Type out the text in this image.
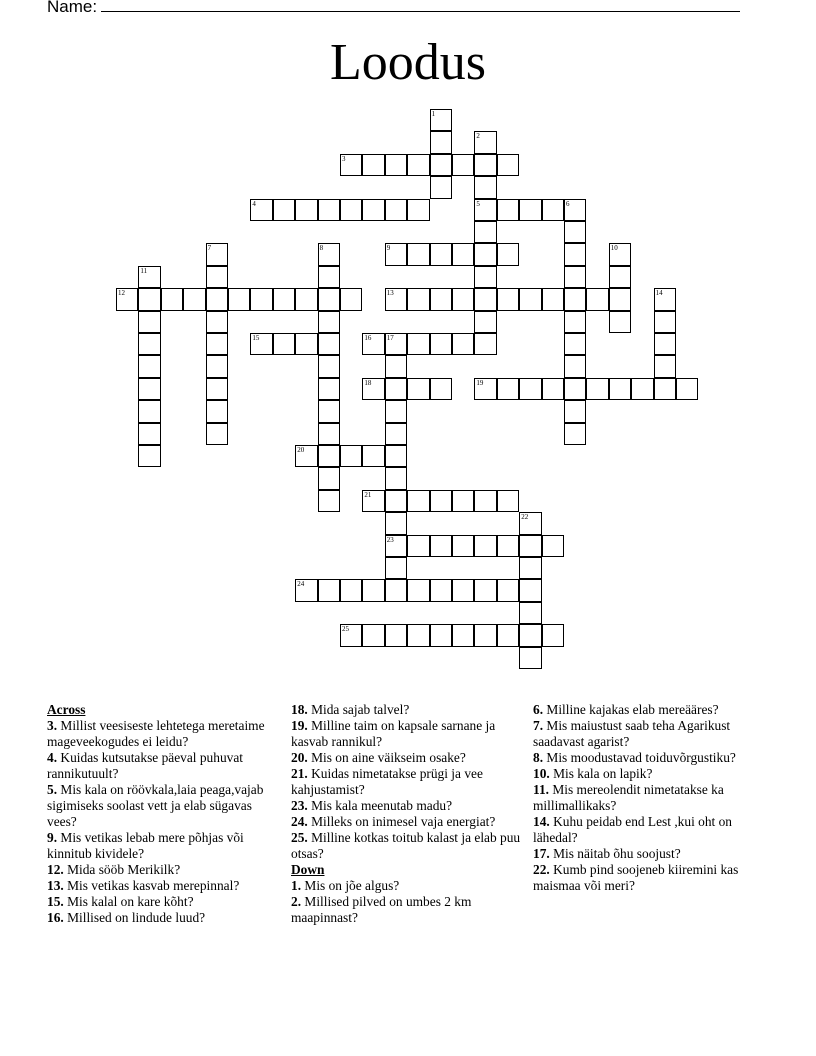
Name:
Loodus
1
2
5
3
4	6
7	8	9	10
11
12	13	14
15	16 17
23
18	19
20
21
22
24
25
Across
3. Millist veesiseste lehtetega meretaime mageveekogudes ei leidu?
4. Kuidas kutsutakse päeval puhuvat rannikutuult?
5. Mis kala on röövkala,laia peaga,vajab sigimiseks soolast vett ja elab sügavas vees?
9. Mis vetikas lebab mere põhjas või kinnitub kividele?
12. Mida sööb Merikilk?
13. Mis vetikas kasvab merepinnal?
15. Mis kalal on kare kõht?
16. Millised on lindude luud?
18. Mida sajab talvel?
19. Milline taim on kapsale sarnane ja kasvab rannikul?
20. Mis on aine väikseim osake?
21. Kuidas nimetatakse prügi ja vee kahjustamist?
23. Mis kala meenutab madu?
24. Milleks on inimesel vaja energiat?
25. Milline kotkas toitub kalast ja elab puu otsas?
Down
1. Mis on jõe algus?
2. Millised pilved on umbes 2 km maapinnast?
6. Milline kajakas elab mereääres?
7. Mis maiustust saab teha Agarikust saadavast agarist?
8. Mis moodustavad toiduvõrgustiku?
10. Mis kala on lapik?
11. Mis mereolendit nimetatakse ka millimallikaks?
14. Kuhu peidab end Lest ,kui oht on lähedal?
17. Mis näitab õhu soojust?
22. Kumb pind soojeneb kiiremini kas maismaa või meri?
